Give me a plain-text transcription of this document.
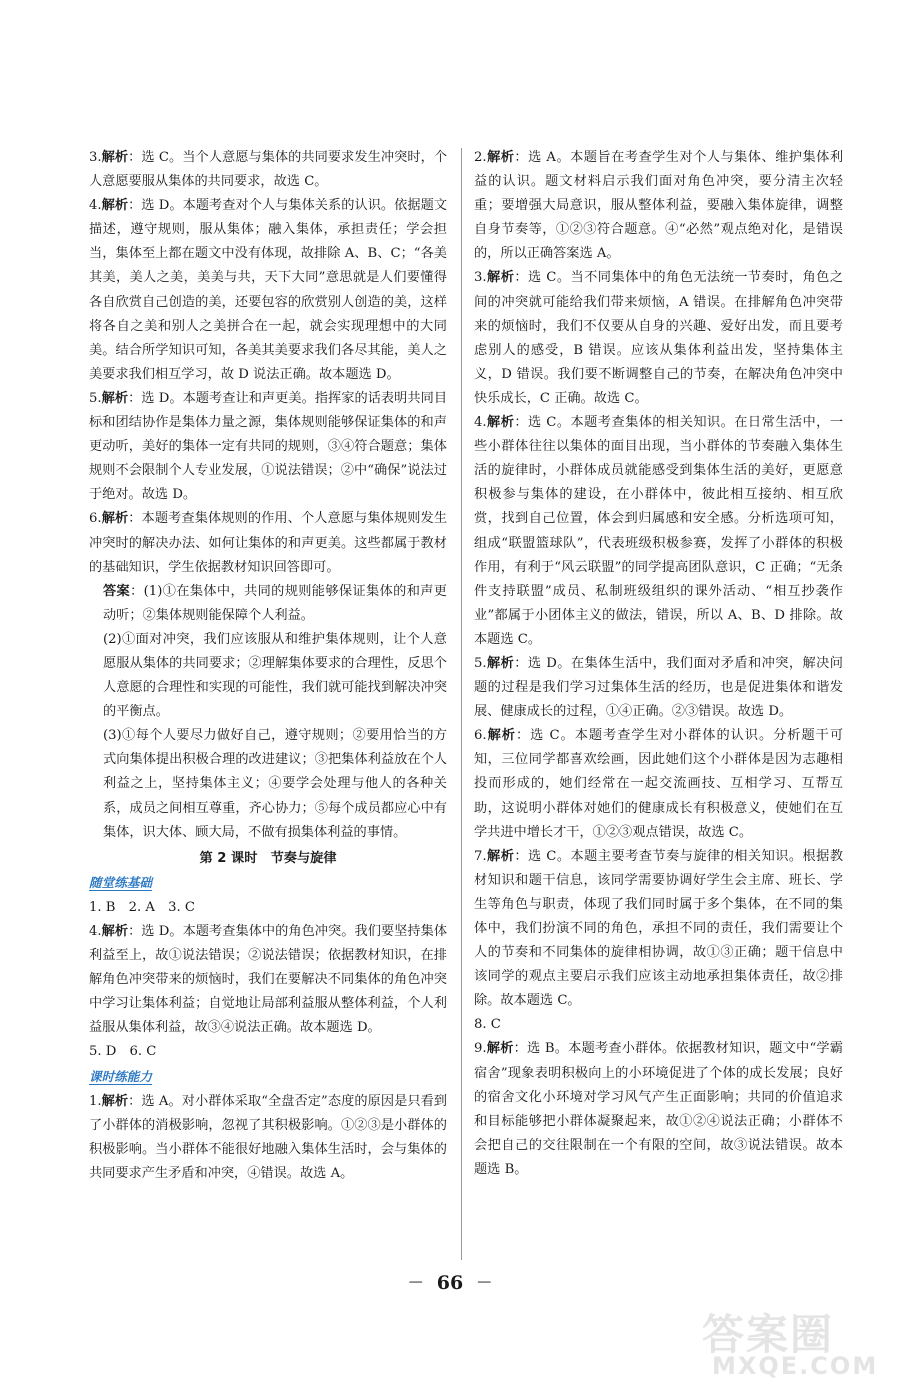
3.解析：选 C。当个人意愿与集体的共同要求发生冲突时，个人意愿要服从集体的共同要求，故选 C。

4.解析：选 D。本题考查对个人与集体关系的认识。依据题文描述，遵守规则，服从集体；融入集体，承担责任；学会担当，集体至上都在题文中没有体现，故排除 A、B、C；“各美其美，美人之美，美美与共，天下大同”意思就是人们要懂得各自欣赏自己创造的美，还要包容的欣赏别人创造的美，这样将各自之美和别人之美拼合在一起，就会实现理想中的大同美。结合所学知识可知，各美其美要求我们各尽其能，美人之美要求我们相互学习，故 D 说法正确。故本题选 D。

5.解析：选 D。本题考查让和声更美。指挥家的话表明共同目标和团结协作是集体力量之源，集体规则能够保证集体的和声更动听，美好的集体一定有共同的规则，③④符合题意；集体规则不会限制个人专业发展，①说法错误；②中“确保”说法过于绝对。故选 D。

6.解析：本题考查集体规则的作用、个人意愿与集体规则发生冲突时的解决办法、如何让集体的和声更美。这些都属于教材的基础知识，学生依据教材知识回答即可。

答案：(1)①在集体中，共同的规则能够保证集体的和声更动听；②集体规则能保障个人利益。

(2)①面对冲突，我们应该服从和维护集体规则，让个人意愿服从集体的共同要求；②理解集体要求的合理性，反思个人意愿的合理性和实现的可能性，我们就可能找到解决冲突的平衡点。

(3)①每个人要尽力做好自己，遵守规则；②要用恰当的方式向集体提出积极合理的改进建议；③把集体利益放在个人利益之上，坚持集体主义；④要学会处理与他人的各种关系，成员之间相互尊重，齐心协力；⑤每个成员都应心中有集体，识大体、顾大局，不做有损集体利益的事情。

第 2 课时　节奏与旋律

随堂练基础

1. B　2. A　3. C

4.解析：选 D。本题考查集体中的角色冲突。我们要坚持集体利益至上，故①说法错误；②说法错误；依据教材知识，在排解角色冲突带来的烦恼时，我们在要解决不同集体的角色冲突中学习让集体利益；自觉地让局部利益服从整体利益，个人利益服从集体利益，故③④说法正确。故本题选 D。

5. D　6. C

课时练能力

1.解析：选 A。对小群体采取“全盘否定”态度的原因是只看到了小群体的消极影响，忽视了其积极影响。①②③是小群体的积极影响。当小群体不能很好地融入集体生活时，会与集体的共同要求产生矛盾和冲突，④错误。故选 A。

2.解析：选 A。本题旨在考查学生对个人与集体、维护集体利益的认识。题文材料启示我们面对角色冲突，要分清主次轻重；要增强大局意识，服从整体利益，要融入集体旋律，调整自身节奏等，①②③符合题意。④“必然”观点绝对化，是错误的，所以正确答案选 A。

3.解析：选 C。当不同集体中的角色无法统一节奏时，角色之间的冲突就可能给我们带来烦恼，A 错误。在排解角色冲突带来的烦恼时，我们不仅要从自身的兴趣、爱好出发，而且要考虑别人的感受，B 错误。应该从集体利益出发，坚持集体主义，D 错误。我们要不断调整自己的节奏，在解决角色冲突中快乐成长，C 正确。故选 C。

4.解析：选 C。本题考查集体的相关知识。在日常生活中，一些小群体往往以集体的面目出现，当小群体的节奏融入集体生活的旋律时，小群体成员就能感受到集体生活的美好，更愿意积极参与集体的建设，在小群体中，彼此相互接纳、相互欣赏，找到自己位置，体会到归属感和安全感。分析选项可知，组成“联盟篮球队”，代表班级积极参赛，发挥了小群体的积极作用，有利于“风云联盟”的同学提高团队意识，C 正确；“无条件支持联盟”成员、私制班级组织的课外活动、“相互抄袭作业”都属于小团体主义的做法，错误，所以 A、B、D 排除。故本题选 C。

5.解析：选 D。在集体生活中，我们面对矛盾和冲突，解决问题的过程是我们学习过集体生活的经历，也是促进集体和谐发展、健康成长的过程，①④正确。②③错误。故选 D。

6.解析：选 C。本题考查学生对小群体的认识。分析题干可知，三位同学都喜欢绘画，因此她们这个小群体是因为志趣相投而形成的，她们经常在一起交流画技、互相学习、互帮互助，这说明小群体对她们的健康成长有积极意义，使她们在互学共进中增长才干，①②③观点错误，故选 C。

7.解析：选 C。本题主要考查节奏与旋律的相关知识。根据教材知识和题干信息，该同学需要协调好学生会主席、班长、学生等角色与职责，体现了我们同时属于多个集体，在不同的集体中，我们扮演不同的角色，承担不同的责任，我们需要让个人的节奏和不同集体的旋律相协调，故①③正确；题干信息中该同学的观点主要启示我们应该主动地承担集体责任，故②排除。故本题选 C。

8. C

9.解析：选 B。本题考查小群体。依据教材知识，题文中“学霸宿舍”现象表明积极向上的小环境促进了个体的成长发展；良好的宿舍文化小环境对学习风气产生正面影响；共同的价值追求和目标能够把小群体凝聚起来，故①②④说法正确；小群体不会把自己的交往限制在一个有限的空间，故③说法错误。故本题选 B。

— 66 —
答案圈
MXQE.COM
